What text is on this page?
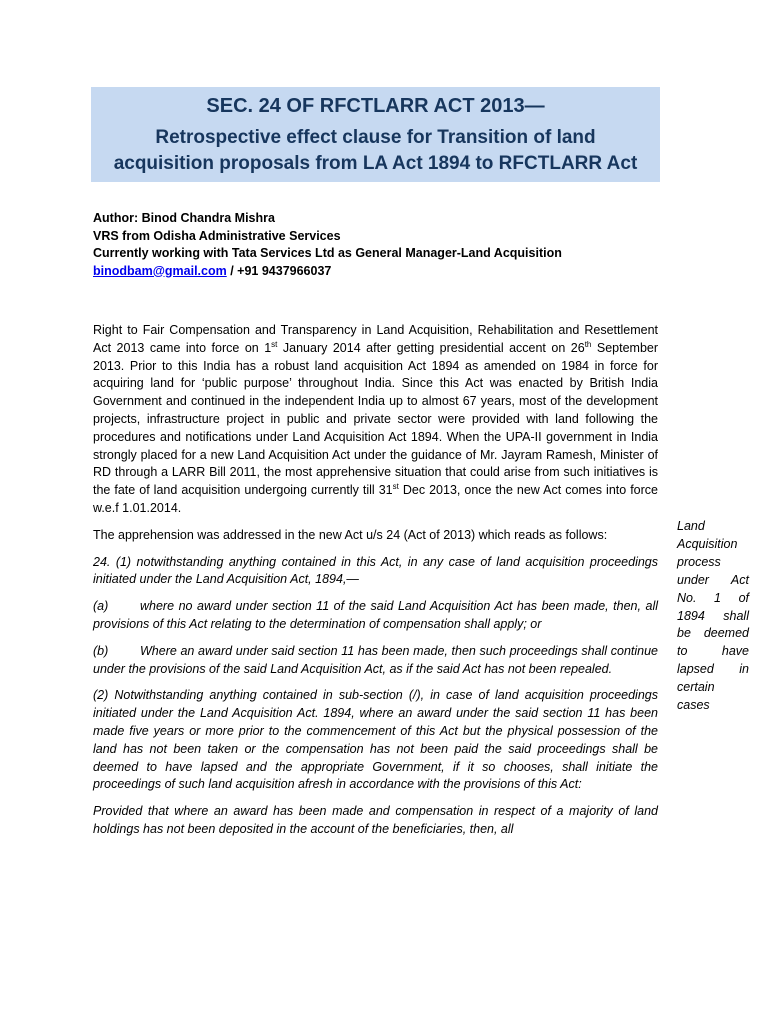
SEC. 24 OF RFCTLARR ACT 2013—
Retrospective effect clause for Transition of land
acquisition proposals from LA Act 1894 to RFCTLARR Act
Author: Binod Chandra Mishra
VRS from Odisha Administrative Services
Currently working with Tata Services Ltd as General Manager-Land Acquisition
binodbam@gmail.com / +91 9437966037

Right to Fair Compensation and Transparency in Land Acquisition, Rehabilitation and Resettlement Act 2013 came into force on 1st January 2014 after getting presidential accent on 26th September 2013. Prior to this India has a robust land acquisition Act 1894 as amended on 1984 in force for acquiring land for ‘public purpose’ throughout India. Since this Act was enacted by British India Government and continued in the independent India up to almost 67 years, most of the development projects, infrastructure project in public and private sector were provided with land following the procedures and notifications under Land Acquisition Act 1894. When the UPA-II government in India strongly placed for a new Land Acquisition Act under the guidance of Mr. Jayram Ramesh, Minister of RD through a LARR Bill 2011, the most apprehensive situation that could arise from such initiatives is the fate of land acquisition undergoing currently till 31st Dec 2013, once the new Act comes into force w.e.f 1.01.2014.

The apprehension was addressed in the new Act u/s 24 (Act of 2013) which reads as follows:

24. (1) notwithstanding anything contained in this Act, in any case of land acquisition proceedings initiated under the Land Acquisition Act, 1894,—

(a)	where no award under section 11 of the said Land Acquisition Act has been made, then, all provisions of this Act relating to the determination of compensation shall apply; or

(b)	Where an award under said section 11 has been made, then such proceedings shall continue under the provisions of the said Land Acquisition Act, as if the said Act has not been repealed.

(2) Notwithstanding anything contained in sub-section (/), in case of land acquisition proceedings initiated under the Land Acquisition Act. 1894, where an award under the said section 11 has been made five years or more prior to the commencement of this Act but the physical possession of the land has not been taken or the compensation has not been paid the said proceedings shall be deemed to have lapsed and the appropriate Government, if it so chooses, shall initiate the proceedings of such land acquisition afresh in accordance with the provisions of this Act:

Provided that where an award has been made and compensation in respect of a majority of land holdings has not been deposited in the account of the beneficiaries, then, all

Land Acquisition process under Act No. 1 of 1894 shall be deemed to have lapsed in certain cases
